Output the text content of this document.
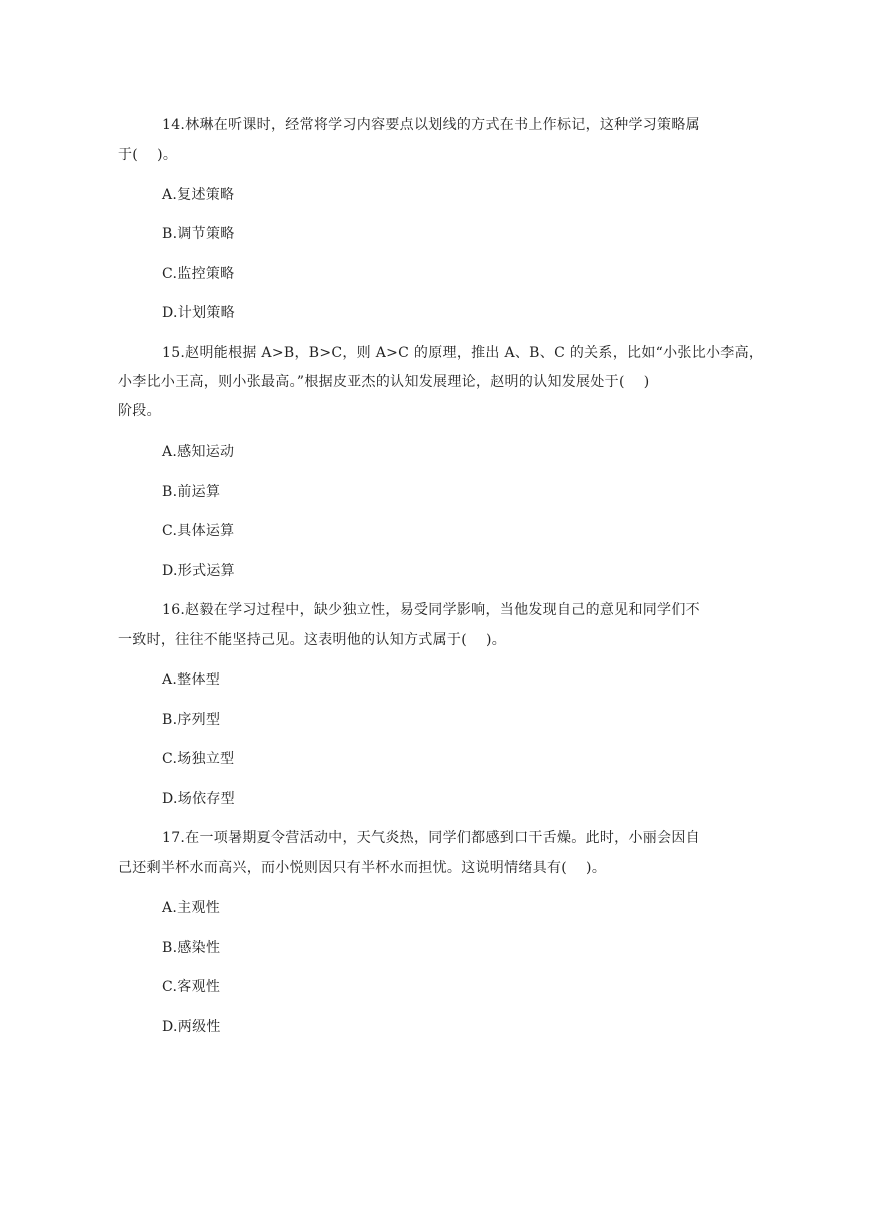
14.林琳在听课时，经常将学习内容要点以划线的方式在书上作标记，这种学习策略属
于(    )。
A.复述策略
B.调节策略
C.监控策略
D.计划策略
15.赵明能根据 A>B，B>C，则 A>C 的原理，推出 A、B、C 的关系，比如“小张比小李高，
小李比小王高，则小张最高。”根据皮亚杰的认知发展理论，赵明的认知发展处于(    )
阶段。
A.感知运动
B.前运算
C.具体运算
D.形式运算
16.赵毅在学习过程中，缺少独立性，易受同学影响，当他发现自己的意见和同学们不
一致时，往往不能坚持己见。这表明他的认知方式属于(    )。
A.整体型
B.序列型
C.场独立型
D.场依存型
17.在一项暑期夏令营活动中，天气炎热，同学们都感到口干舌燥。此时，小丽会因自
己还剩半杯水而高兴，而小悦则因只有半杯水而担忧。这说明情绪具有(    )。
A.主观性
B.感染性
C.客观性
D.两级性
